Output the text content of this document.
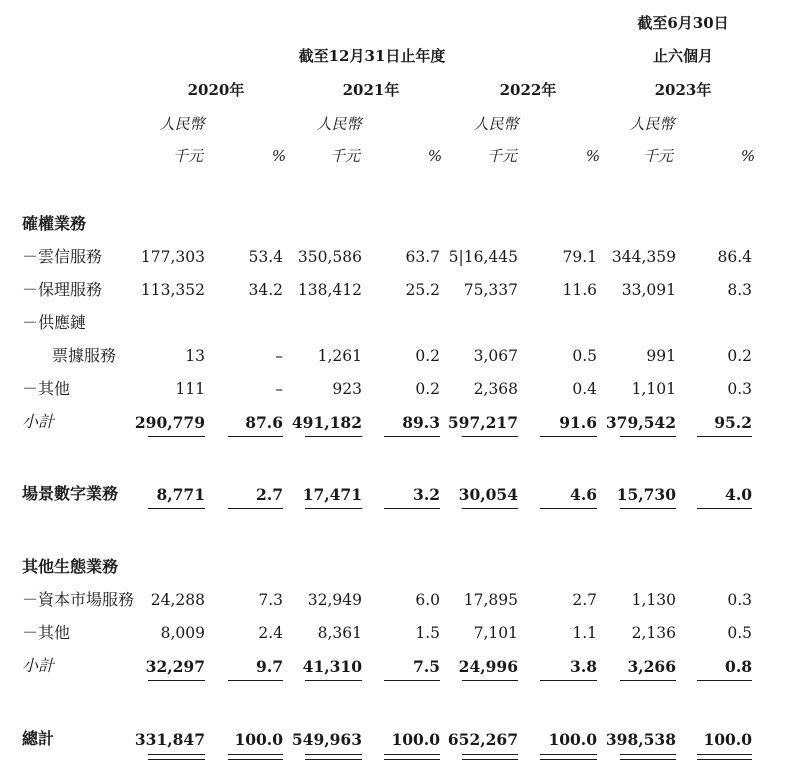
截至6月30日
止六個月
截至12月31日止年度
2020年	2021年	2022年	2023年
人民幣	人民幣	人民幣	人民幣
千元	千元	千元	千元
%	%	%	%
確權業務
－雲信服務	177,303	53.4 350,586	63.7 5|16,445	79.1 344,359	86.4
－保理服務	113,352	34.2 138,412	25.2 75,337	11.6 33,091	8.3
－供應鏈
票據服務	13	– 1,261	0.2 3,067	0.5	991	0.2
－其他	111	–	923	0.2 2,368	0.4 1,101	0.3
小計	290,779	87.6 491,182	89.3 597,217	91.6 379,542 95.2
場景數字業務 8,771	2.7 17,471	3.2 30,054	4.6 15,730	4.0
其他生態業務
－資本市場服務 24,288	7.3 32,949	6.0 17,895	2.7 1,130	0.3
－其他	8,009	2.4 8,361	1.5 7,101	1.1 2,136	0.5
小計	32,297	9.7 41,310	7.5 24,996	3.8 3,266	0.8
總計	331,847 100.0 549,963 100.0 652,267 100.0 398,538 100.0
